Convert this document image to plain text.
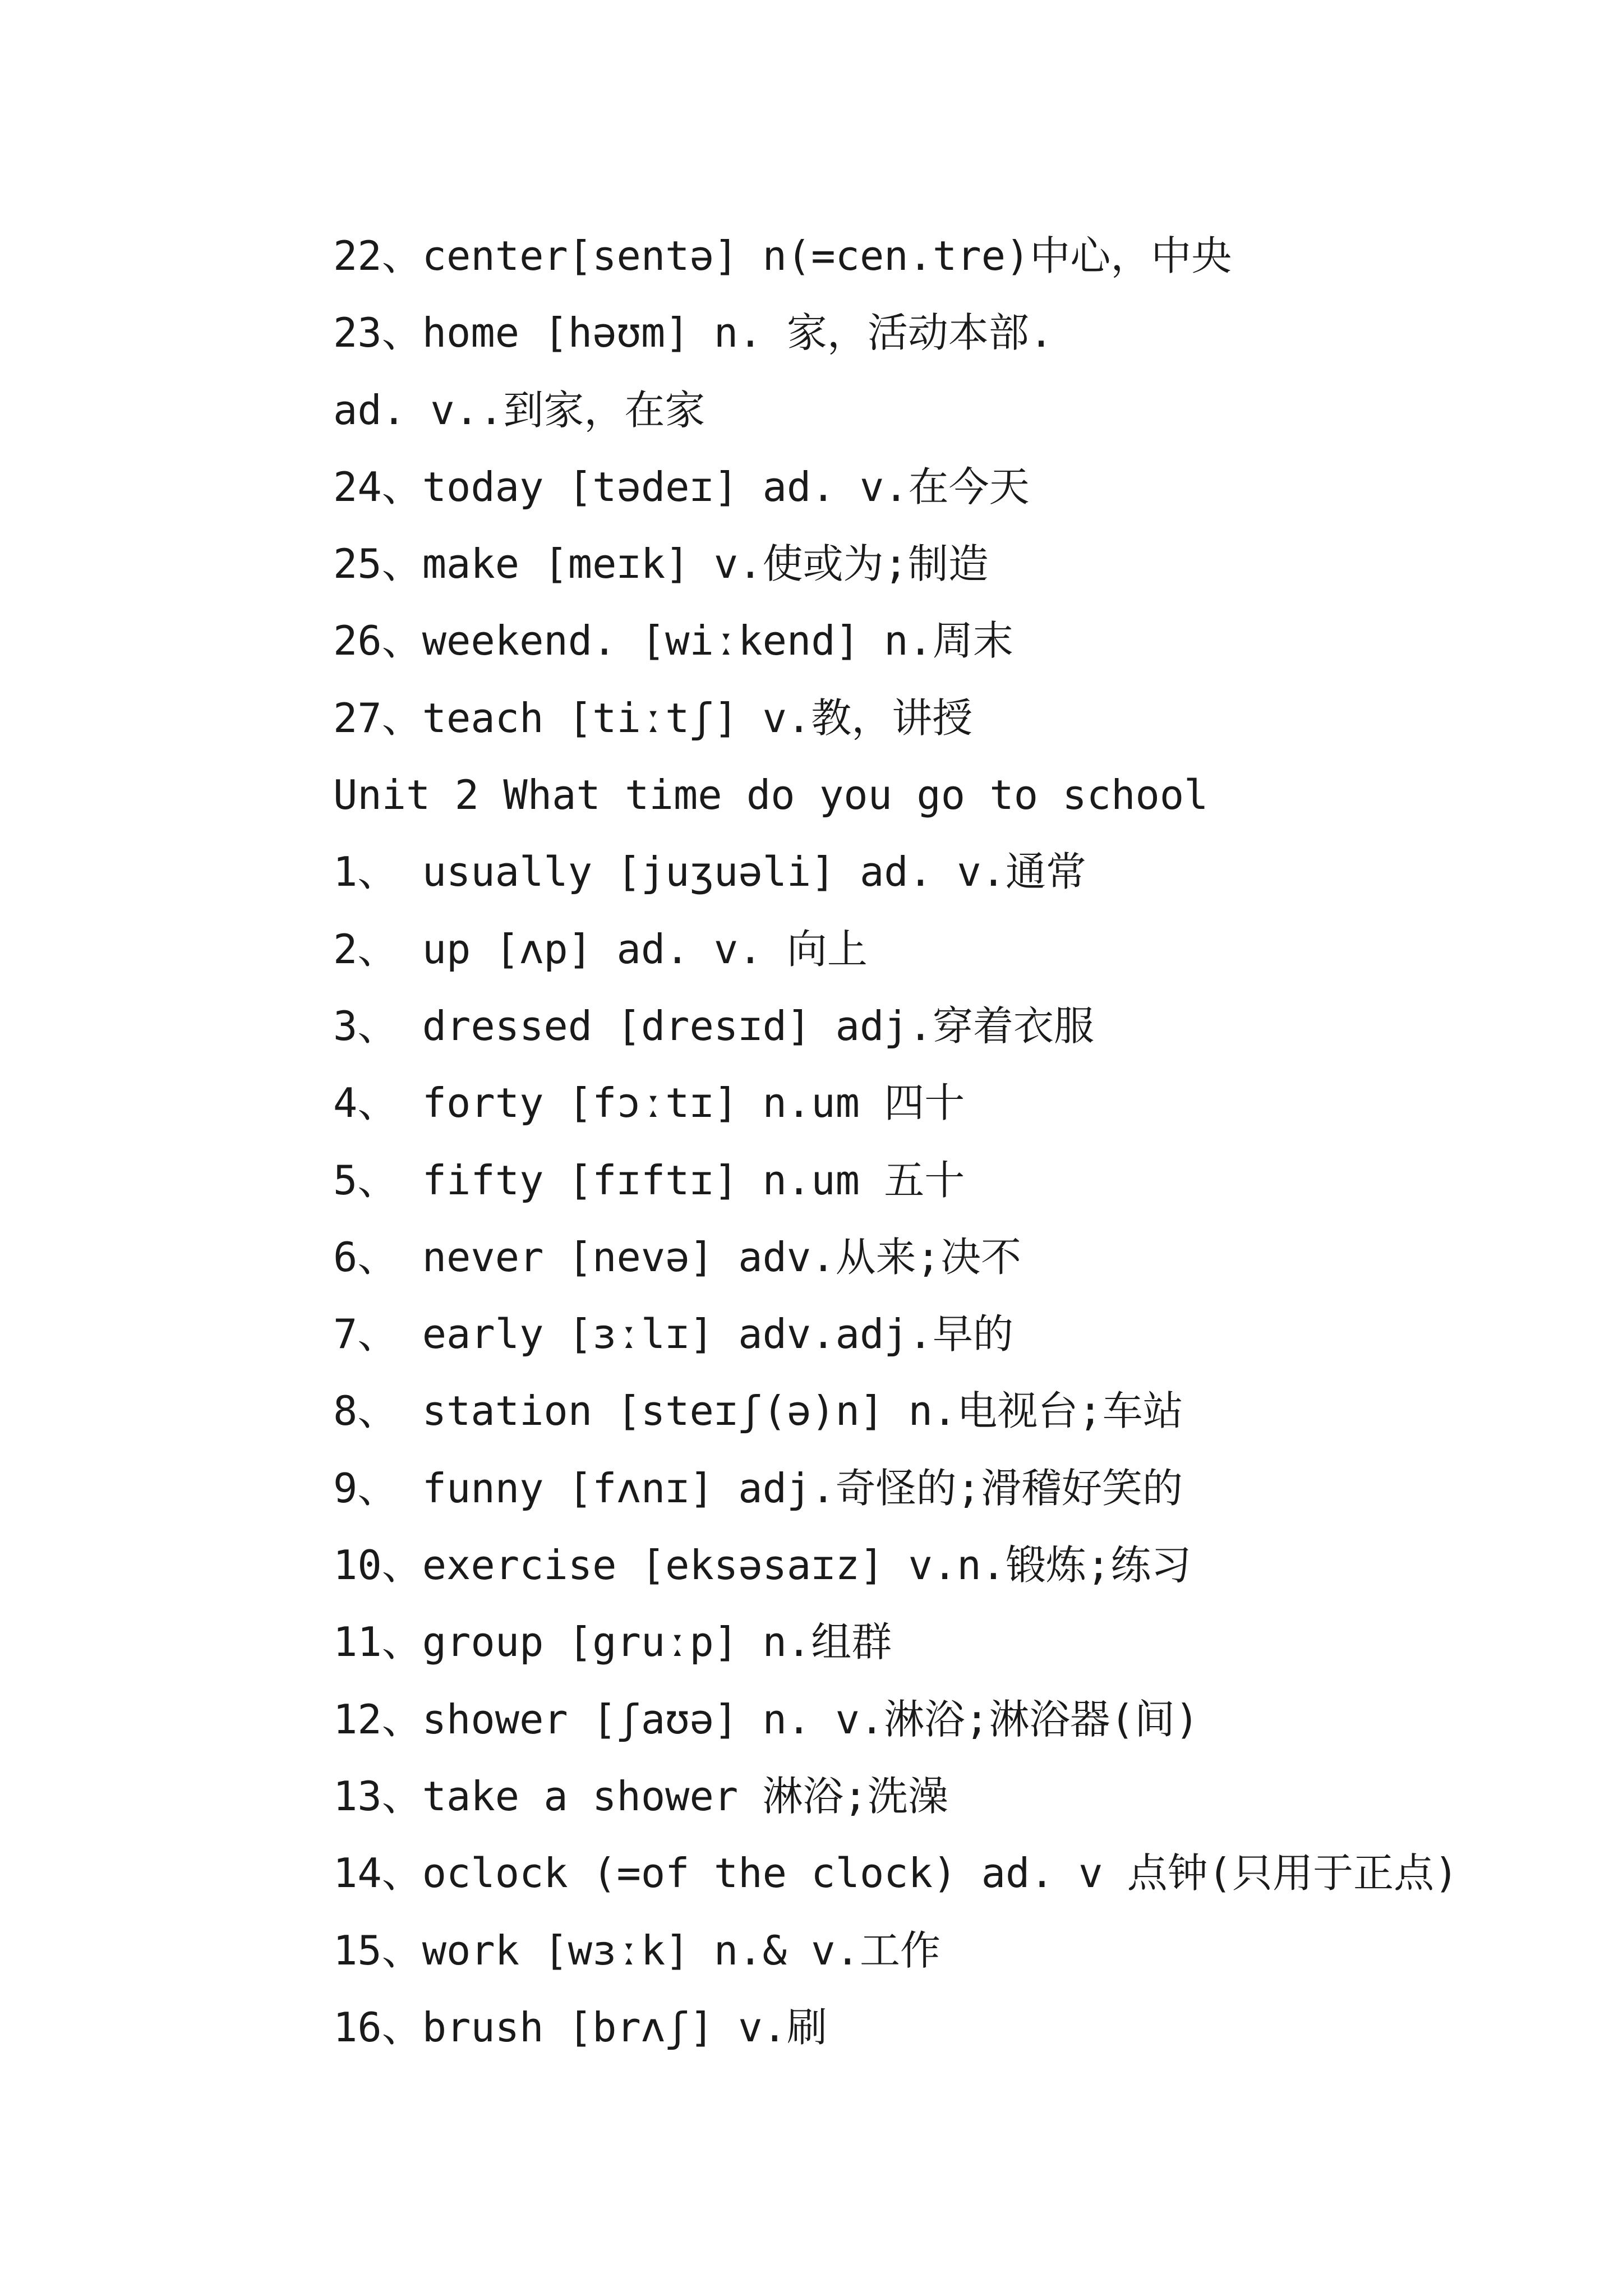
22、center[sentə] n(=cen.tre)中心，中央
23、home [həʊm] n. 家，活动本部.
ad. v..到家，在家
24、today [tədeɪ] ad. v.在今天
25、make [meɪk] v.使或为;制造
26、weekend. [wiːkend] n.周末
27、teach [tiːtʃ] v.教，讲授
Unit 2 What time do you go to school
1、 usually [juʒuəli] ad. v.通常
2、 up [ʌp] ad. v. 向上
3、 dressed [dresɪd] adj.穿着衣服
4、 forty [fɔːtɪ] n.um 四十
5、 fifty [fɪftɪ] n.um 五十
6、 never [nevə] adv.从来;决不
7、 early [ɜːlɪ] adv.adj.早的
8、 station [steɪʃ(ə)n] n.电视台;车站
9、 funny [fʌnɪ] adj.奇怪的;滑稽好笑的
10、exercise [eksəsaɪz] v.n.锻炼;练习
11、group [gruːp] n.组群
12、shower [ʃaʊə] n. v.淋浴;淋浴器(间)
13、take a shower 淋浴;洗澡
14、oclock (=of the clock) ad. v 点钟(只用于正点)
15、work [wɜːk] n.& v.工作
16、brush [brʌʃ] v.刷
